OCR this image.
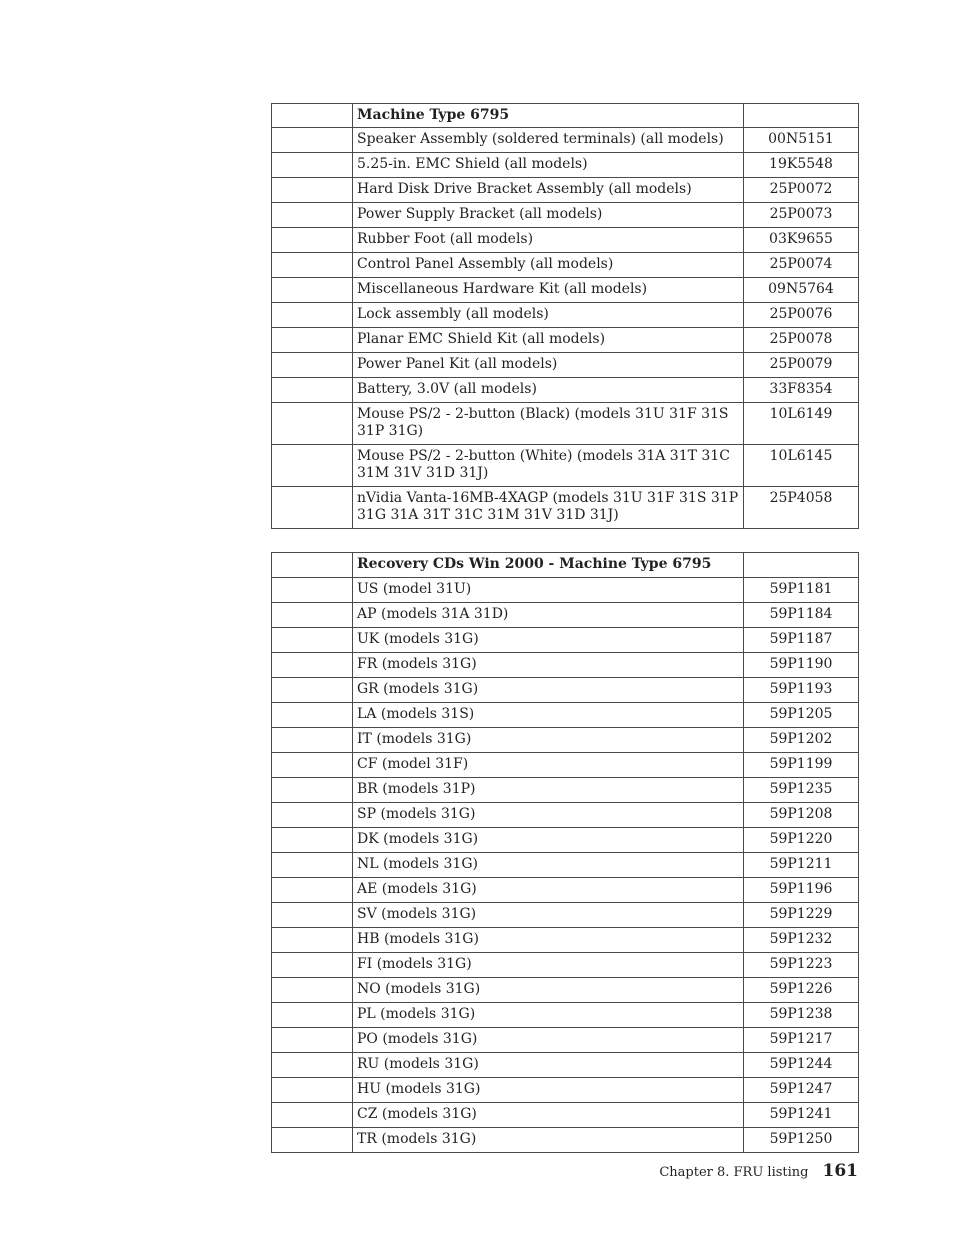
	Machine Type 6795	
	Speaker Assembly (soldered terminals) (all models)	00N5151
	5.25-in. EMC Shield (all models)	19K5548
	Hard Disk Drive Bracket Assembly (all models)	25P0072
	Power Supply Bracket (all models)	25P0073
	Rubber Foot (all models)	03K9655
	Control Panel Assembly (all models)	25P0074
	Miscellaneous Hardware Kit (all models)	09N5764
	Lock assembly (all models)	25P0076
	Planar EMC Shield Kit (all models)	25P0078
	Power Panel Kit (all models)	25P0079
	Battery, 3.0V (all models)	33F8354
	Mouse PS/2 - 2-button (Black) (models 31U 31F 31S 31P 31G)	10L6149
	Mouse PS/2 - 2-button (White) (models 31A 31T 31C 31M 31V 31D 31J)	10L6145
	nVidia Vanta-16MB-4XAGP (models 31U 31F 31S 31P 31G 31A 31T 31C 31M 31V 31D 31J)	25P4058
	Recovery CDs Win 2000 - Machine Type 6795	
	US (model 31U)	59P1181
	AP (models 31A 31D)	59P1184
	UK (models 31G)	59P1187
	FR (models 31G)	59P1190
	GR (models 31G)	59P1193
	LA (models 31S)	59P1205
	IT (models 31G)	59P1202
	CF (model 31F)	59P1199
	BR (models 31P)	59P1235
	SP (models 31G)	59P1208
	DK (models 31G)	59P1220
	NL (models 31G)	59P1211
	AE (models 31G)	59P1196
	SV (models 31G)	59P1229
	HB (models 31G)	59P1232
	FI (models 31G)	59P1223
	NO (models 31G)	59P1226
	PL (models 31G)	59P1238
	PO (models 31G)	59P1217
	RU (models 31G)	59P1244
	HU (models 31G)	59P1247
	CZ (models 31G)	59P1241
	TR (models 31G)	59P1250
Chapter 8. FRU listing 161
